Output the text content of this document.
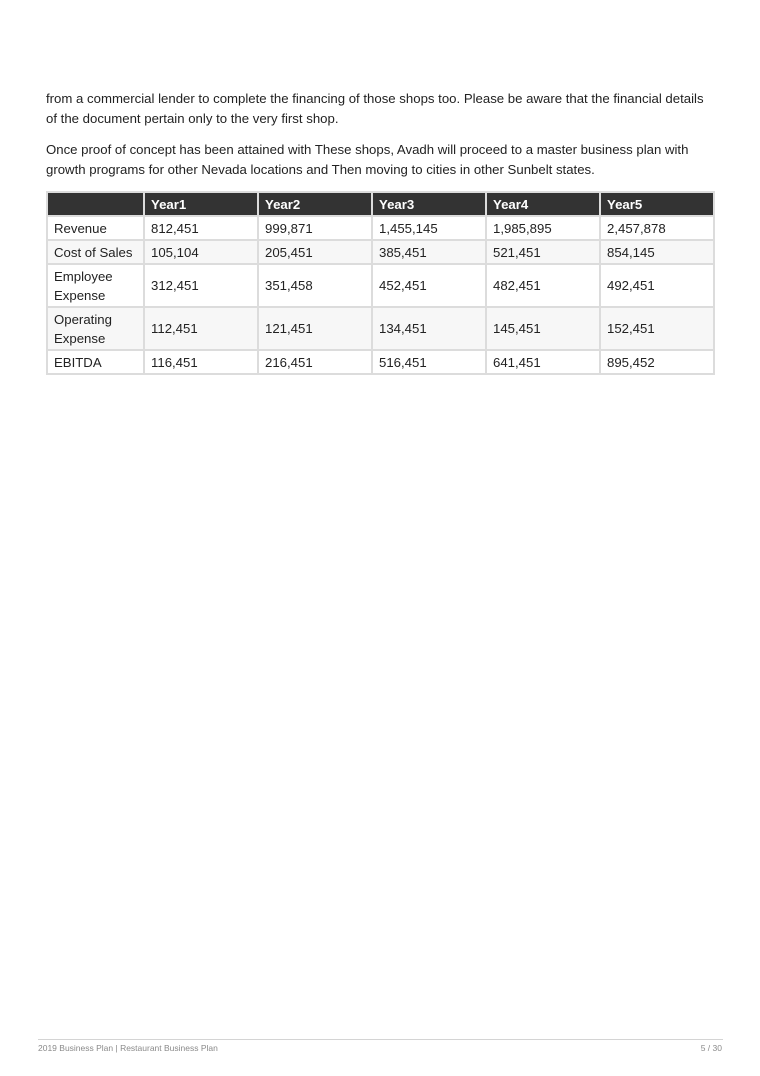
from a commercial lender to complete the financing of those shops too. Please be aware that the financial details of the document pertain only to the very first shop.

Once proof of concept has been attained with These shops, Avadh will proceed to a master business plan with growth programs for other Nevada locations and Then moving to cities in other Sunbelt states.

	Year1	Year2	Year3	Year4	Year5
Revenue	812,451	999,871	1,455,145	1,985,895	2,457,878
Cost of Sales	105,104	205,451	385,451	521,451	854,145
Employee Expense	312,451	351,458	452,451	482,451	492,451
Operating Expense	112,451	121,451	134,451	145,451	152,451
EBITDA	116,451	216,451	516,451	641,451	895,452
2019 Business Plan | Restaurant Business Plan	5 / 30
